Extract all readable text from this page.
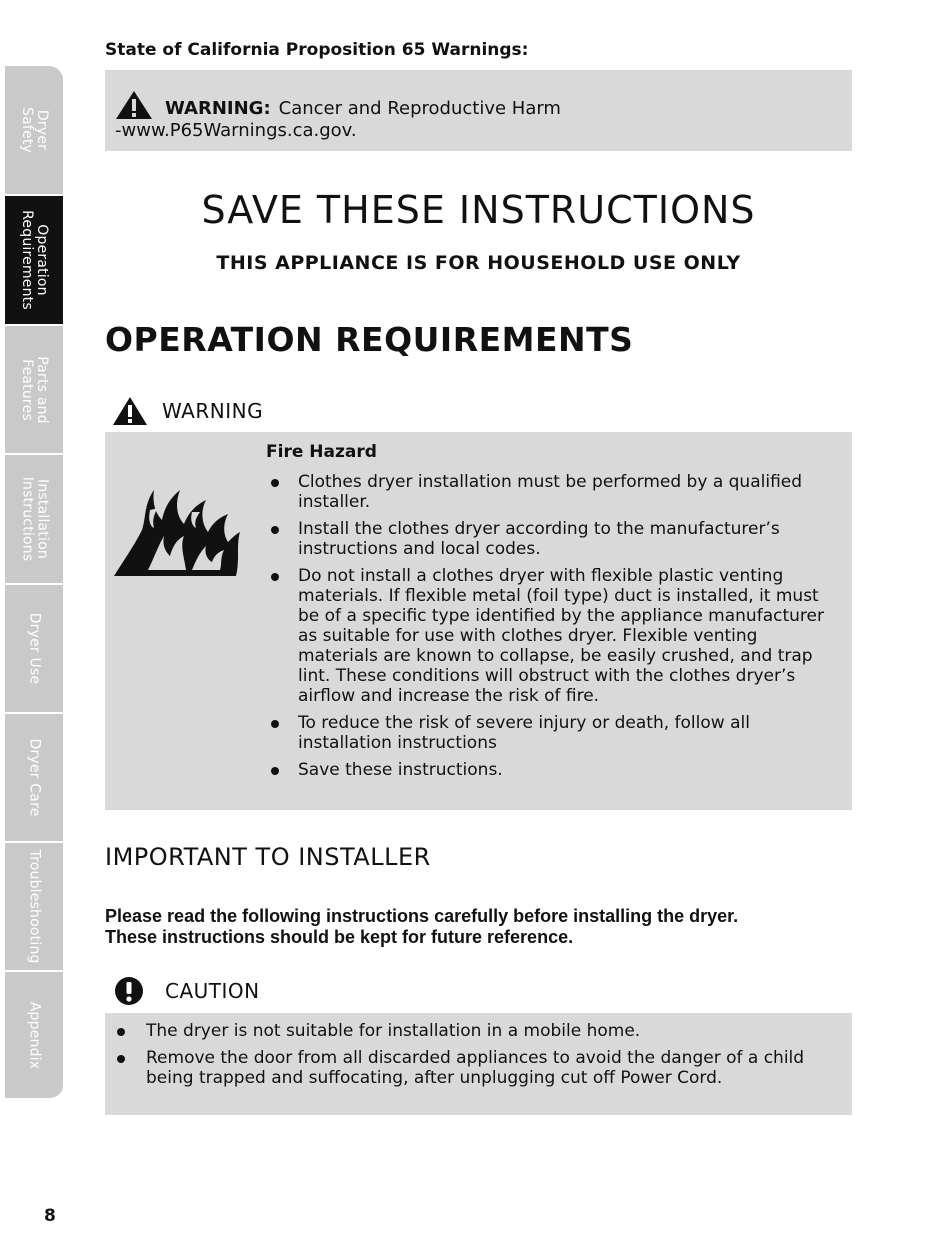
Dryer
Safety
Operation
Requirements
Parts and
Features
Installation
Instructions
Dryer Use
Dryer Care
Troubleshooting
Appendix
State of California Proposition 65 Warnings:
WARNING: Cancer and Reproductive Harm
-www.P65Warnings.ca.gov.
SAVE THESE INSTRUCTIONS
THIS APPLIANCE IS FOR HOUSEHOLD USE ONLY
OPERATION REQUIREMENTS
WARNING
Fire Hazard
Clothes dryer installation must be performed by a qualified installer.
Install the clothes dryer according to the manufacturer’s instructions and local codes.
Do not install a clothes dryer with flexible plastic venting materials. If flexible metal (foil type) duct is installed, it must be of a specific type identified by the appliance manufacturer as suitable for use with clothes dryer. Flexible venting materials are known to collapse, be easily crushed, and trap lint. These conditions will obstruct with the clothes dryer’s airflow and increase the risk of fire.
To reduce the risk of severe injury or death, follow all installation instructions
Save these instructions.
IMPORTANT TO INSTALLER
Please read the following instructions carefully before installing the dryer.
These instructions should be kept for future reference.
CAUTION
The dryer is not suitable for installation in a mobile home.
Remove the door from all discarded appliances to avoid the danger of a child being trapped and suffocating, after unplugging cut off Power Cord.
8
